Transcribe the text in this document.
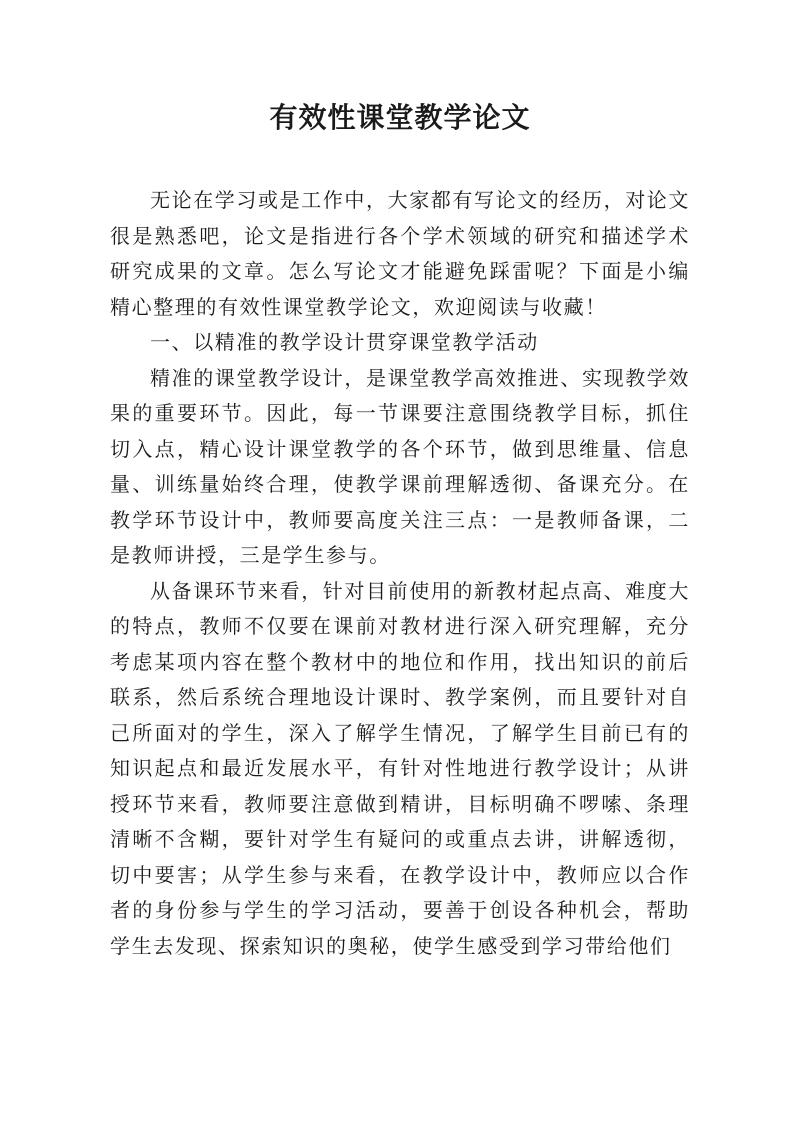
有效性课堂教学论文

无论在学习或是工作中，大家都有写论文的经历，对论文很是熟悉吧，论文是指进行各个学术领域的研究和描述学术研究成果的文章。怎么写论文才能避免踩雷呢？下面是小编精心整理的有效性课堂教学论文，欢迎阅读与收藏！

一、以精准的教学设计贯穿课堂教学活动

精准的课堂教学设计，是课堂教学高效推进、实现教学效果的重要环节。因此，每一节课要注意围绕教学目标，抓住切入点，精心设计课堂教学的各个环节，做到思维量、信息量、训练量始终合理，使教学课前理解透彻、备课充分。在教学环节设计中，教师要高度关注三点：一是教师备课，二是教师讲授，三是学生参与。

从备课环节来看，针对目前使用的新教材起点高、难度大的特点，教师不仅要在课前对教材进行深入研究理解，充分考虑某项内容在整个教材中的地位和作用，找出知识的前后联系，然后系统合理地设计课时、教学案例，而且要针对自己所面对的学生，深入了解学生情况，了解学生目前已有的知识起点和最近发展水平，有针对性地进行教学设计；从讲授环节来看，教师要注意做到精讲，目标明确不啰嗦、条理清晰不含糊，要针对学生有疑问的或重点去讲，讲解透彻，切中要害；从学生参与来看，在教学设计中，教师应以合作者的身份参与学生的学习活动，要善于创设各种机会，帮助学生去发现、探索知识的奥秘，使学生感受到学习带给他们
